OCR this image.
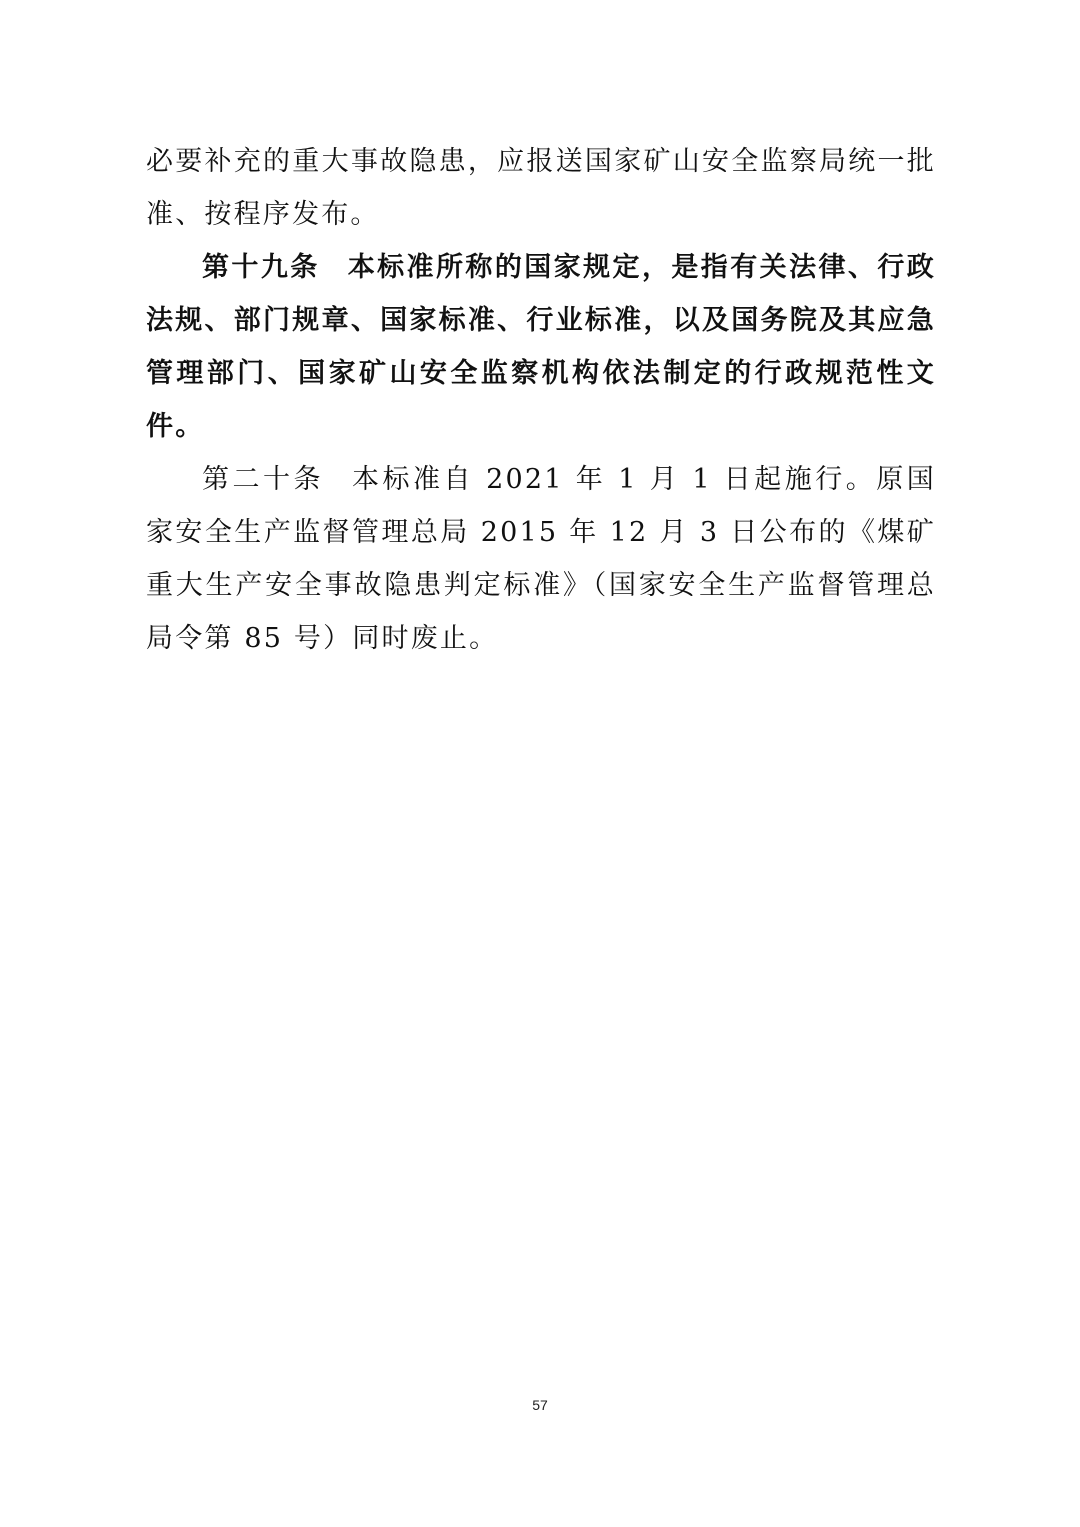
必要补充的重大事故隐患，应报送国家矿山安全监察局统一批准、按程序发布。

第十九条 本标准所称的国家规定，是指有关法律、行政法规、部门规章、国家标准、行业标准，以及国务院及其应急管理部门、国家矿山安全监察机构依法制定的行政规范性文件。

第二十条 本标准自 2021 年 1 月 1 日起施行。原国家安全生产监督管理总局 2015 年 12 月 3 日公布的《煤矿重大生产安全事故隐患判定标准》（国家安全生产监督管理总局令第 85 号）同时废止。

57
